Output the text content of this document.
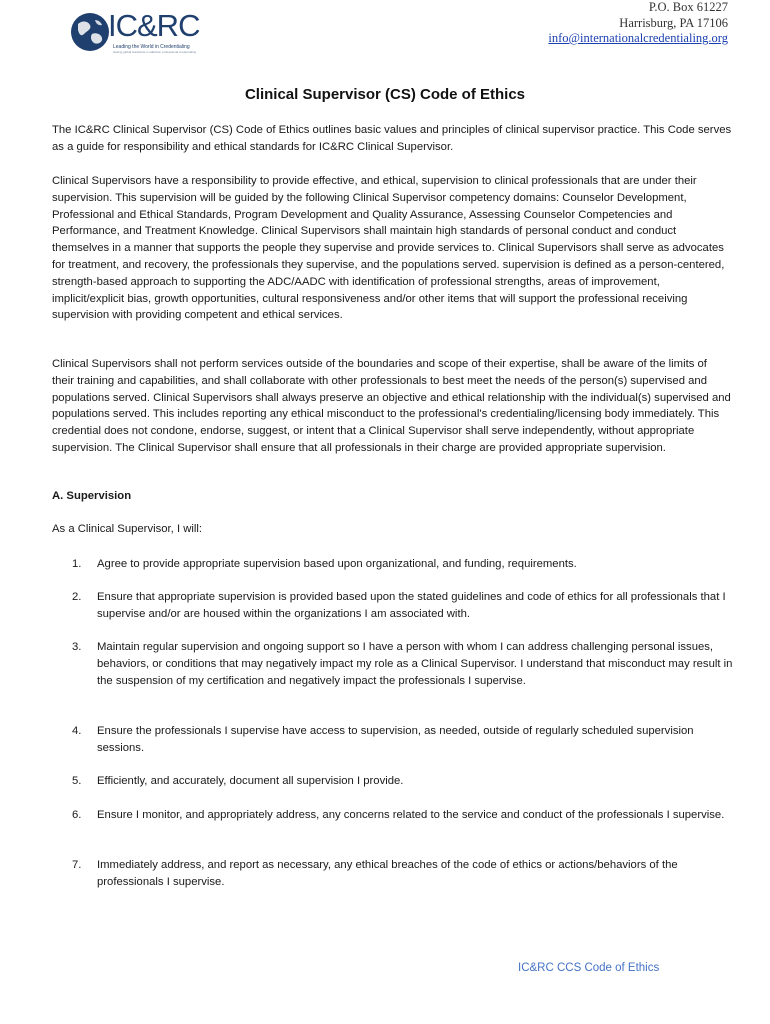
IC&RC
Leading the World in Credentialing
Setting global standards in addiction professional credentialing
P.O. Box 61227
Harrisburg, PA 17106
info@internationalcredentialing.org
Clinical Supervisor (CS) Code of Ethics

The IC&RC Clinical Supervisor (CS) Code of Ethics outlines basic values and principles of clinical supervisor practice. This Code serves as a guide for responsibility and ethical standards for IC&RC Clinical Supervisor.

Clinical Supervisors have a responsibility to provide effective, and ethical, supervision to clinical professionals that are under their supervision. This supervision will be guided by the following Clinical Supervisor competency domains: Counselor Development, Professional and Ethical Standards, Program Development and Quality Assurance, Assessing Counselor Competencies and Performance, and Treatment Knowledge. Clinical Supervisors shall maintain high standards of personal conduct and conduct themselves in a manner that supports the people they supervise and provide services to. Clinical Supervisors shall serve as advocates for treatment, and recovery, the professionals they supervise, and the populations served. supervision is defined as a person-centered, strength-based approach to supporting the ADC/AADC with identification of professional strengths, areas of improvement, implicit/explicit bias, growth opportunities, cultural responsiveness and/or other items that will support the professional receiving supervision with providing competent and ethical services.

Clinical Supervisors shall not perform services outside of the boundaries and scope of their expertise, shall be aware of the limits of their training and capabilities, and shall collaborate with other professionals to best meet the needs of the person(s) supervised and populations served. Clinical Supervisors shall always preserve an objective and ethical relationship with the individual(s) supervised and populations served. This includes reporting any ethical misconduct to the professional's credentialing/licensing body immediately. This credential does not condone, endorse, suggest, or intent that a Clinical Supervisor shall serve independently, without appropriate supervision. The Clinical Supervisor shall ensure that all professionals in their charge are provided appropriate supervision.

A. Supervision

As a Clinical Supervisor, I will:

1. Agree to provide appropriate supervision based upon organizational, and funding, requirements.
2. Ensure that appropriate supervision is provided based upon the stated guidelines and code of ethics for all professionals that I supervise and/or are housed within the organizations I am associated with.
3. Maintain regular supervision and ongoing support so I have a person with whom I can address challenging personal issues, behaviors, or conditions that may negatively impact my role as a Clinical Supervisor. I understand that misconduct may result in the suspension of my certification and negatively impact the professionals I supervise.
4. Ensure the professionals I supervise have access to supervision, as needed, outside of regularly scheduled supervision sessions.
5. Efficiently, and accurately, document all supervision I provide.
6. Ensure I monitor, and appropriately address, any concerns related to the service and conduct of the professionals I supervise.
7. Immediately address, and report as necessary, any ethical breaches of the code of ethics or actions/behaviors of the professionals I supervise.
IC&RC CCS Code of Ethics
